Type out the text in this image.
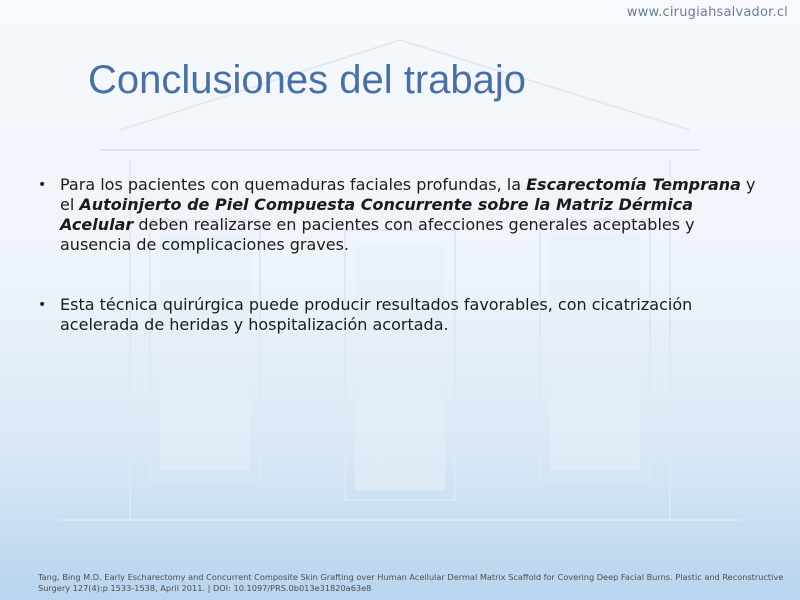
www.cirugiahsalvador.cl
Conclusiones del trabajo
• Para los pacientes con quemaduras faciales profundas, la Escarectomía Temprana y el Autoinjerto de Piel Compuesta Concurrente sobre la Matriz Dérmica Acelular deben realizarse en pacientes con afecciones generales aceptables y ausencia de complicaciones graves.
• Esta técnica quirúrgica puede producir resultados favorables, con cicatrización acelerada de heridas y hospitalización acortada.
Tang, Bing M.D. Early Escharectomy and Concurrent Composite Skin Grafting over Human Acellular Dermal Matrix Scaffold for Covering Deep Facial Burns. Plastic and Reconstructive Surgery 127(4):p 1533-1538, April 2011. | DOI: 10.1097/PRS.0b013e31820a63e8
